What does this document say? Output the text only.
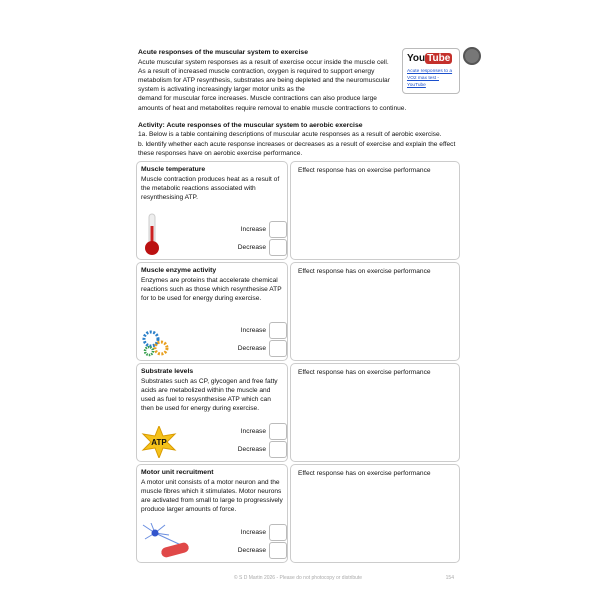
You Tube
Acute responses to a VO2 max test - YouTube
Acute responses of the muscular system to exercise

Acute muscular system responses as a result of exercise occur inside the muscle cell. As a result of increased muscle contraction, oxygen is required to support energy metabolism for ATP resynthesis, substrates are being depleted and the neuromuscular system is activating increasingly larger motor units as the

demand for muscular force increases. Muscle contractions can also produce large amounts of heat and metabolites require removal to enable muscle contractions to continue.

Activity: Acute responses of the muscular system to aerobic exercise

1a. Below is a table containing descriptions of muscular acute responses as a result of aerobic exercise.

b. Identify whether each acute response increases or decreases as a result of exercise and explain the effect these responses have on aerobic exercise performance.

Muscle temperature

Muscle contraction produces heat as a result of the metabolic reactions associated with resynthesising ATP.

Increase
Decrease
Effect response has on exercise performance
Muscle enzyme activity

Enzymes are proteins that accelerate chemical reactions such as those which resynthesise ATP for to be used for energy during exercise.

Increase
Decrease
Effect response has on exercise performance
Substrate levels

Substrates such as CP, glycogen and free fatty acids are metabolized within the muscle and used as fuel to resysnthesise ATP which can then be used for energy during exercise.

ATP
Increase
Decrease
Effect response has on exercise performance
Motor unit recruitment

A motor unit consists of a motor neuron and the muscle fibres which it stimulates. Motor neurons are activated from small to large to progressively produce larger amounts of force.

Increase
Decrease
Effect response has on exercise performance
© S D Martin 2026 - Please do not photocopy or distribute	154
